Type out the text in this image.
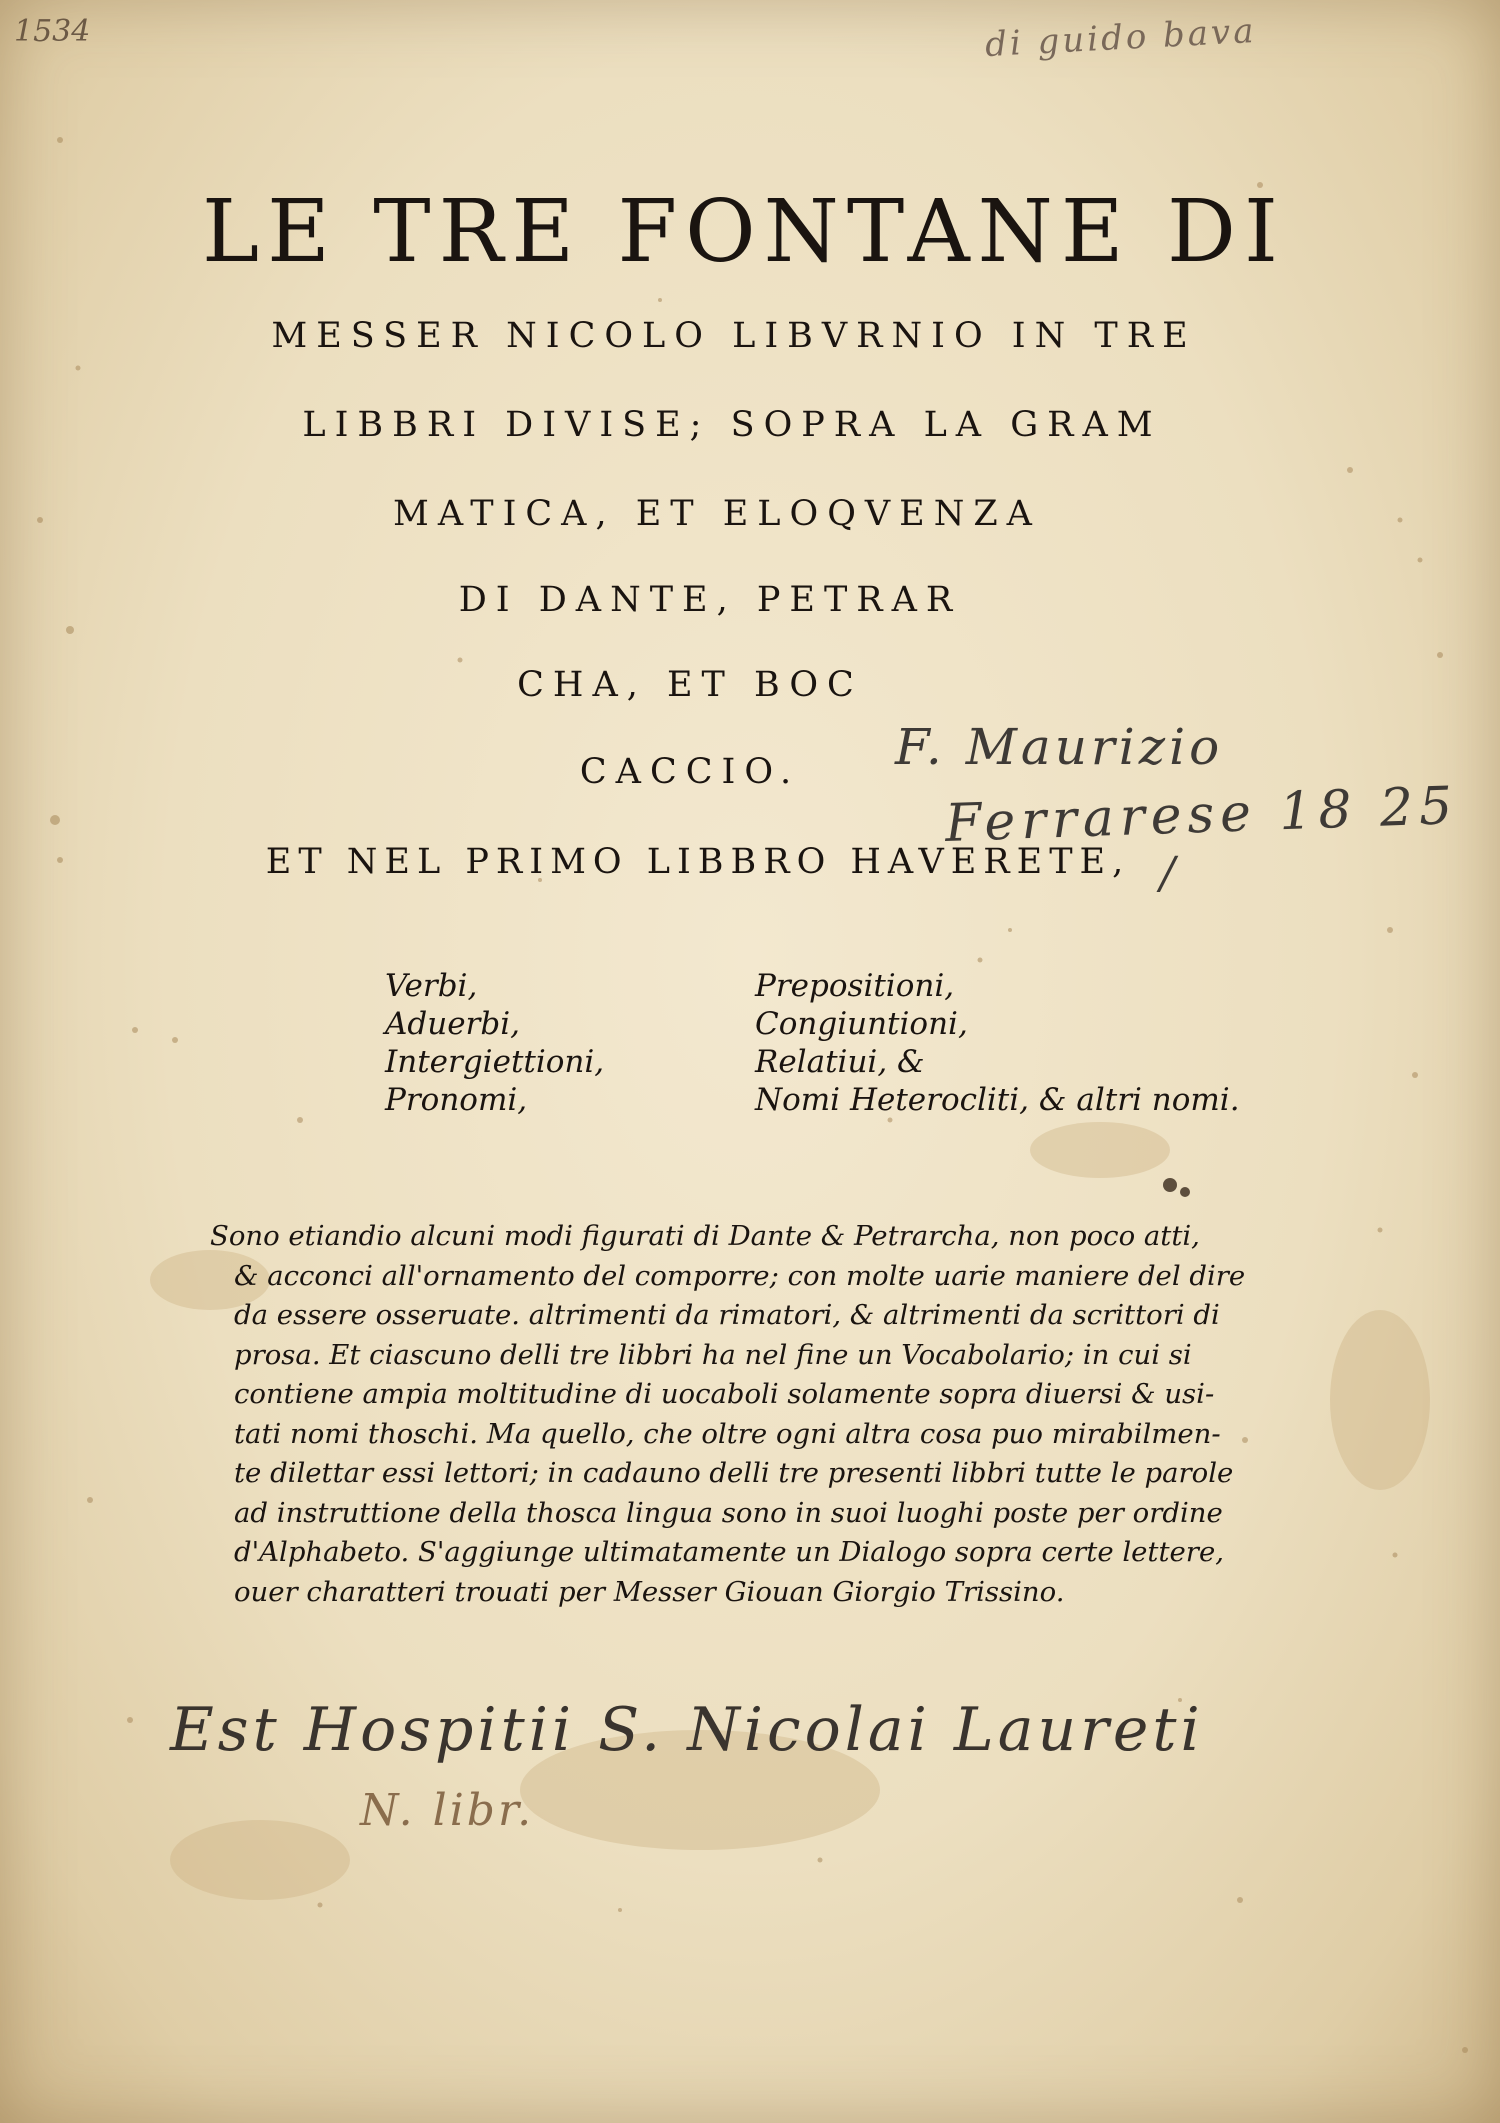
1534	di guido bava
LE TRE FONTANE DI
MESSER NICOLO LIBVRNIO IN TRE
LIBBRI DIVISE; SOPRA LA GRAM
MATICA, ET ELOQVENZA
DI DANTE, PETRAR
CHA, ET BOC
CACCIO.
ET NEL PRIMO LIBBRO HAVERETE,
F. Maurizio
Ferrarese 18 25
/
Verbi,
Aduerbi,
Intergiettioni,
Pronomi,
Prepositioni,
Congiuntioni,
Relatiui, &
Nomi Heterocliti, & altri nomi.
Sono etiandio alcuni modi figurati di Dante & Petrarcha, non poco atti,
& acconci all'ornamento del comporre; con molte uarie maniere del dire
da essere osseruate. altrimenti da rimatori, & altrimenti da scrittori di
prosa. Et ciascuno delli tre libbri ha nel fine un Vocabolario; in cui si
contiene ampia moltitudine di uocaboli solamente sopra diuersi & usi-
tati nomi thoschi. Ma quello, che oltre ogni altra cosa puo mirabilmen-
te dilettar essi lettori; in cadauno delli tre presenti libbri tutte le parole
ad instruttione della thosca lingua sono in suoi luoghi poste per ordine
d'Alphabeto. S'aggiunge ultimatamente un Dialogo sopra certe lettere,
ouer charatteri trouati per Messer Giouan Giorgio Trissino.
Est Hospitii S. Nicolai Laureti
N. libr.
